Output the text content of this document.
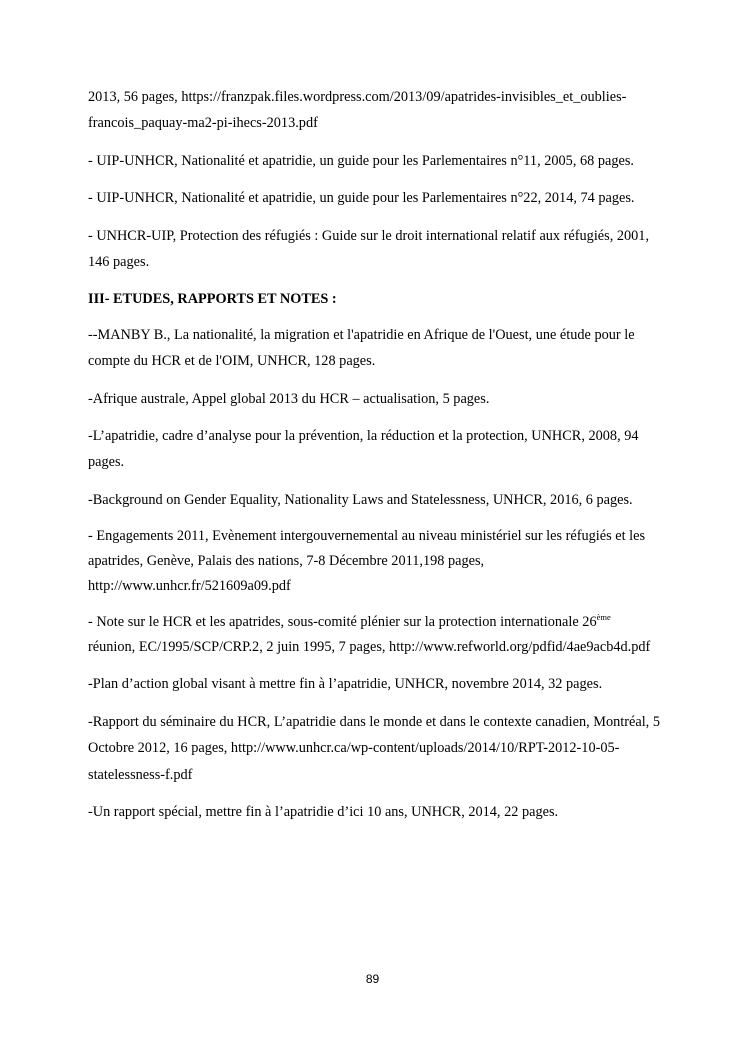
2013, 56 pages, https://franzpak.files.wordpress.com/2013/09/apatrides-invisibles_et_oublies-francois_paquay-ma2-pi-ihecs-2013.pdf

- UIP-UNHCR, Nationalité et apatridie, un guide pour les Parlementaires n°11, 2005, 68 pages.

- UIP-UNHCR, Nationalité et apatridie, un guide pour les Parlementaires n°22, 2014, 74 pages.

- UNHCR-UIP, Protection des réfugiés : Guide sur le droit international relatif aux réfugiés, 2001, 146 pages.

III- ETUDES, RAPPORTS ET NOTES :

--MANBY B., La nationalité, la migration et l'apatridie en Afrique de l'Ouest, une étude pour le compte du HCR et de l'OIM, UNHCR, 128 pages.

-Afrique australe, Appel global 2013 du HCR – actualisation, 5 pages.

-L’apatridie, cadre d’analyse pour la prévention, la réduction et la protection, UNHCR, 2008, 94 pages.

-Background on Gender Equality, Nationality Laws and Statelessness, UNHCR, 2016, 6 pages.

- Engagements 2011, Evènement intergouvernemental au niveau ministériel sur les réfugiés et les apatrides, Genève, Palais des nations, 7-8 Décembre 2011,198 pages, http://www.unhcr.fr/521609a09.pdf

- Note sur le HCR et les apatrides, sous-comité plénier sur la protection internationale 26ème réunion, EC/1995/SCP/CRP.2, 2 juin 1995, 7 pages, http://www.refworld.org/pdfid/4ae9acb4d.pdf

-Plan d’action global visant à mettre fin à l’apatridie, UNHCR, novembre 2014, 32 pages.

-Rapport du séminaire du HCR, L’apatridie dans le monde et dans le contexte canadien, Montréal, 5 Octobre 2012, 16 pages, http://www.unhcr.ca/wp-content/uploads/2014/10/RPT-2012-10-05-statelessness-f.pdf

-Un rapport spécial, mettre fin à l’apatridie d’ici 10 ans, UNHCR, 2014, 22 pages.

89
